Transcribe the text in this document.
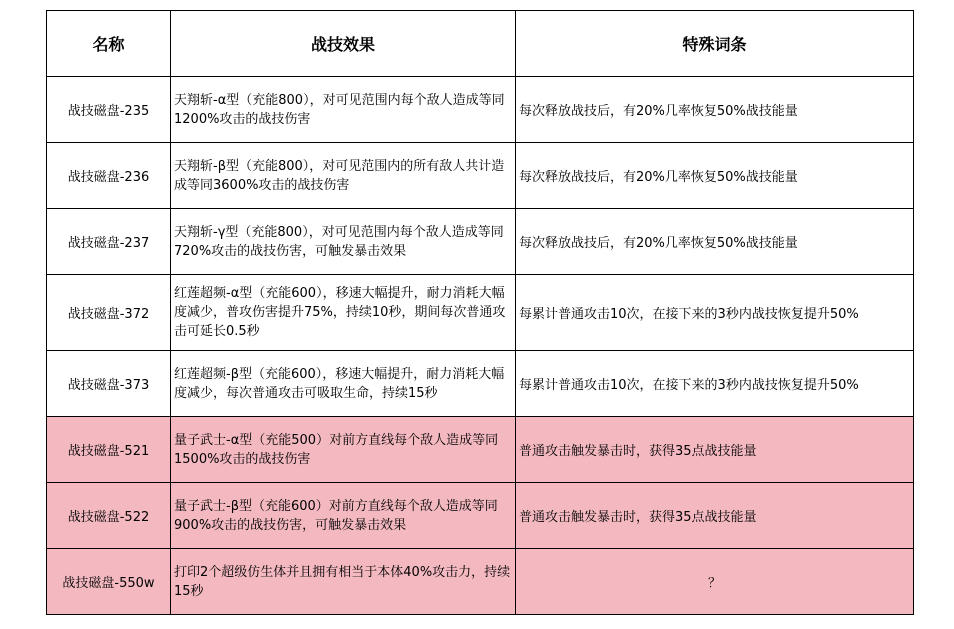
名称	战技效果	特殊词条
战技磁盘-235	天翔斩-α型（充能800），对可见范围内每个敌人造成等同1200%攻击的战技伤害	每次释放战技后，有20%几率恢复50%战技能量
战技磁盘-236	天翔斩-β型（充能800），对可见范围内的所有敌人共计造成等同3600%攻击的战技伤害	每次释放战技后，有20%几率恢复50%战技能量
战技磁盘-237	天翔斩-γ型（充能800），对可见范围内每个敌人造成等同720%攻击的战技伤害，可触发暴击效果	每次释放战技后，有20%几率恢复50%战技能量
战技磁盘-372	红莲超频-α型（充能600），移速大幅提升，耐力消耗大幅度减少，普攻伤害提升75%，持续10秒，期间每次普通攻击可延长0.5秒	每累计普通攻击10次，在接下来的3秒内战技恢复提升50%
战技磁盘-373	红莲超频-β型（充能600），移速大幅提升，耐力消耗大幅度减少，每次普通攻击可吸取生命，持续15秒	每累计普通攻击10次，在接下来的3秒内战技恢复提升50%
战技磁盘-521	量子武士-α型（充能500）对前方直线每个敌人造成等同1500%攻击的战技伤害	普通攻击触发暴击时，获得35点战技能量
战技磁盘-522	量子武士-β型（充能600）对前方直线每个敌人造成等同900%攻击的战技伤害，可触发暴击效果	普通攻击触发暴击时，获得35点战技能量
战技磁盘-550w	打印2个超级仿生体并且拥有相当于本体40%攻击力，持续15秒	？
